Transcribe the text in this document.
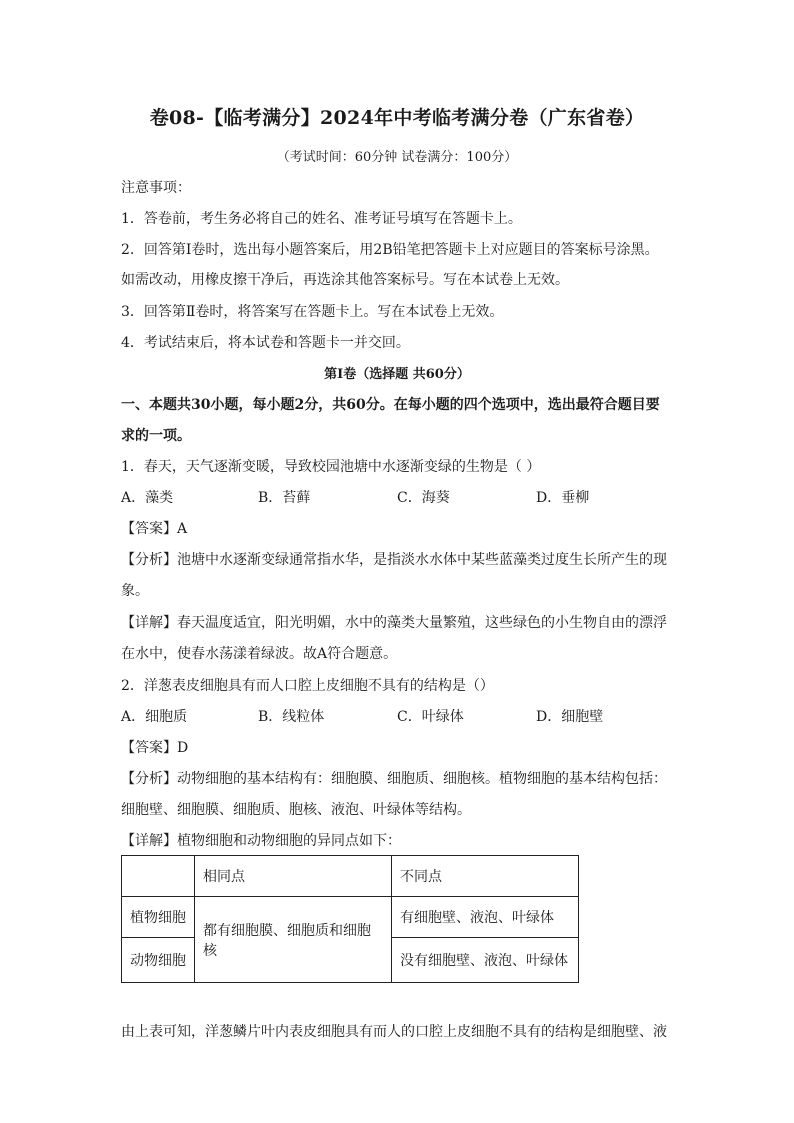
卷08-【临考满分】2024年中考临考满分卷（广东省卷）
（考试时间：60分钟 试卷满分：100分）
注意事项：
1．答卷前，考生务必将自己的姓名、准考证号填写在答题卡上。
2．回答第Ⅰ卷时，选出每小题答案后，用2B铅笔把答题卡上对应题目的答案标号涂黑。
如需改动，用橡皮擦干净后，再选涂其他答案标号。写在本试卷上无效。
3．回答第Ⅱ卷时，将答案写在答题卡上。写在本试卷上无效。
4．考试结束后，将本试卷和答题卡一并交回。
第Ⅰ卷（选择题 共60分）
一、本题共30小题，每小题2分，共60分。在每小题的四个选项中，选出最符合题目要
求的一项。
1．春天，天气逐渐变暖，导致校园池塘中水逐渐变绿的生物是（ ）
A．藻类	B．苔藓	C．海葵	D．垂柳
【答案】A
【分析】池塘中水逐渐变绿通常指水华，是指淡水水体中某些蓝藻类过度生长所产生的现
象。
【详解】春天温度适宜，阳光明媚，水中的藻类大量繁殖，这些绿色的小生物自由的漂浮
在水中，使春水荡漾着绿波。故A符合题意。
2．洋葱表皮细胞具有而人口腔上皮细胞不具有的结构是（）
A．细胞质	B．线粒体	C．叶绿体	D．细胞壁
【答案】D
【分析】动物细胞的基本结构有：细胞膜、细胞质、细胞核。植物细胞的基本结构包括：
细胞壁、细胞膜、细胞质、胞核、液泡、叶绿体等结构。
【详解】植物细胞和动物细胞的异同点如下：
	相同点	不同点
植物细胞	都有细胞膜、细胞质和细胞核	有细胞壁、液泡、叶绿体
动物细胞		没有细胞壁、液泡、叶绿体
由上表可知，洋葱鳞片叶内表皮细胞具有而人的口腔上皮细胞不具有的结构是细胞壁、液
